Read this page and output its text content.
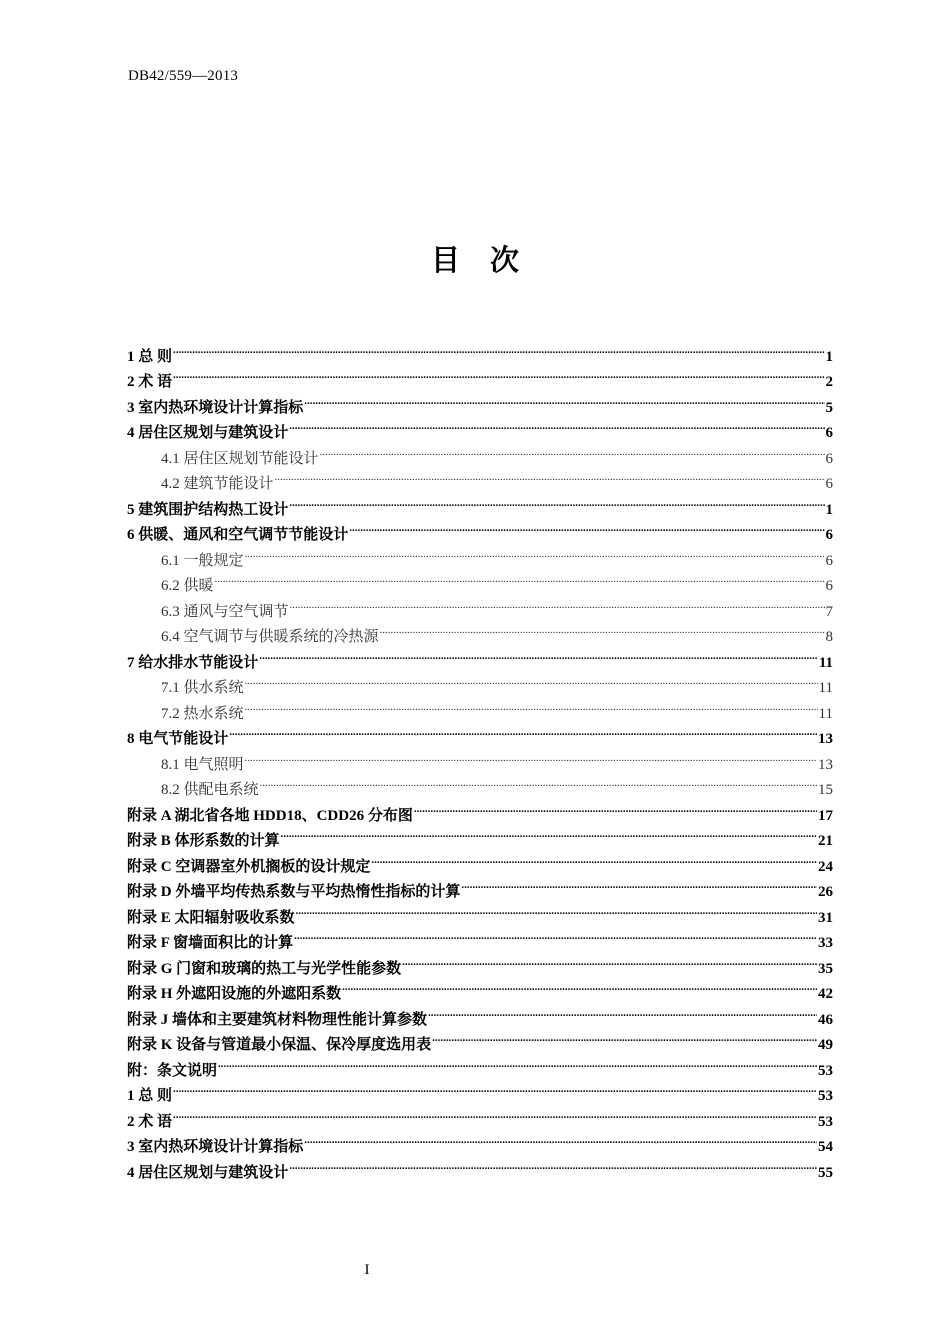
DB42/559—2013
目次
1 总 则 .....	1
2 术 语 .....	2
3 室内热环境设计计算指标 .....	5
4 居住区规划与建筑设计 .....	6
4.1 居住区规划节能设计 .....	6
4.2 建筑节能设计 .....	6
5 建筑围护结构热工设计 .....	1
6 供暖、通风和空气调节节能设计 .....	6
6.1 一般规定 .....	6
6.2 供暖 .....	6
6.3 通风与空气调节 .....	7
6.4 空气调节与供暖系统的冷热源 .....	8
7 给水排水节能设计 .....	11
7.1 供水系统 .....	11
7.2 热水系统 .....	11
8 电气节能设计 .....	13
8.1 电气照明 .....	13
8.2 供配电系统 .....	15
附录 A 湖北省各地 HDD18、CDD26 分布图 .....	17
附录 B 体形系数的计算 .....	21
附录 C 空调器室外机搁板的设计规定 .....	24
附录 D 外墙平均传热系数与平均热惰性指标的计算 .....	26
附录 E 太阳辐射吸收系数 .....	31
附录 F 窗墙面积比的计算 .....	33
附录 G 门窗和玻璃的热工与光学性能参数 .....	35
附录 H 外遮阳设施的外遮阳系数 .....	42
附录 J 墙体和主要建筑材料物理性能计算参数 .....	46
附录 K 设备与管道最小保温、保冷厚度选用表 .....	49
附：条文说明 .....	53
1 总 则 .....	53
2 术 语 .....	53
3 室内热环境设计计算指标 .....	54
4 居住区规划与建筑设计 .....	55
I
